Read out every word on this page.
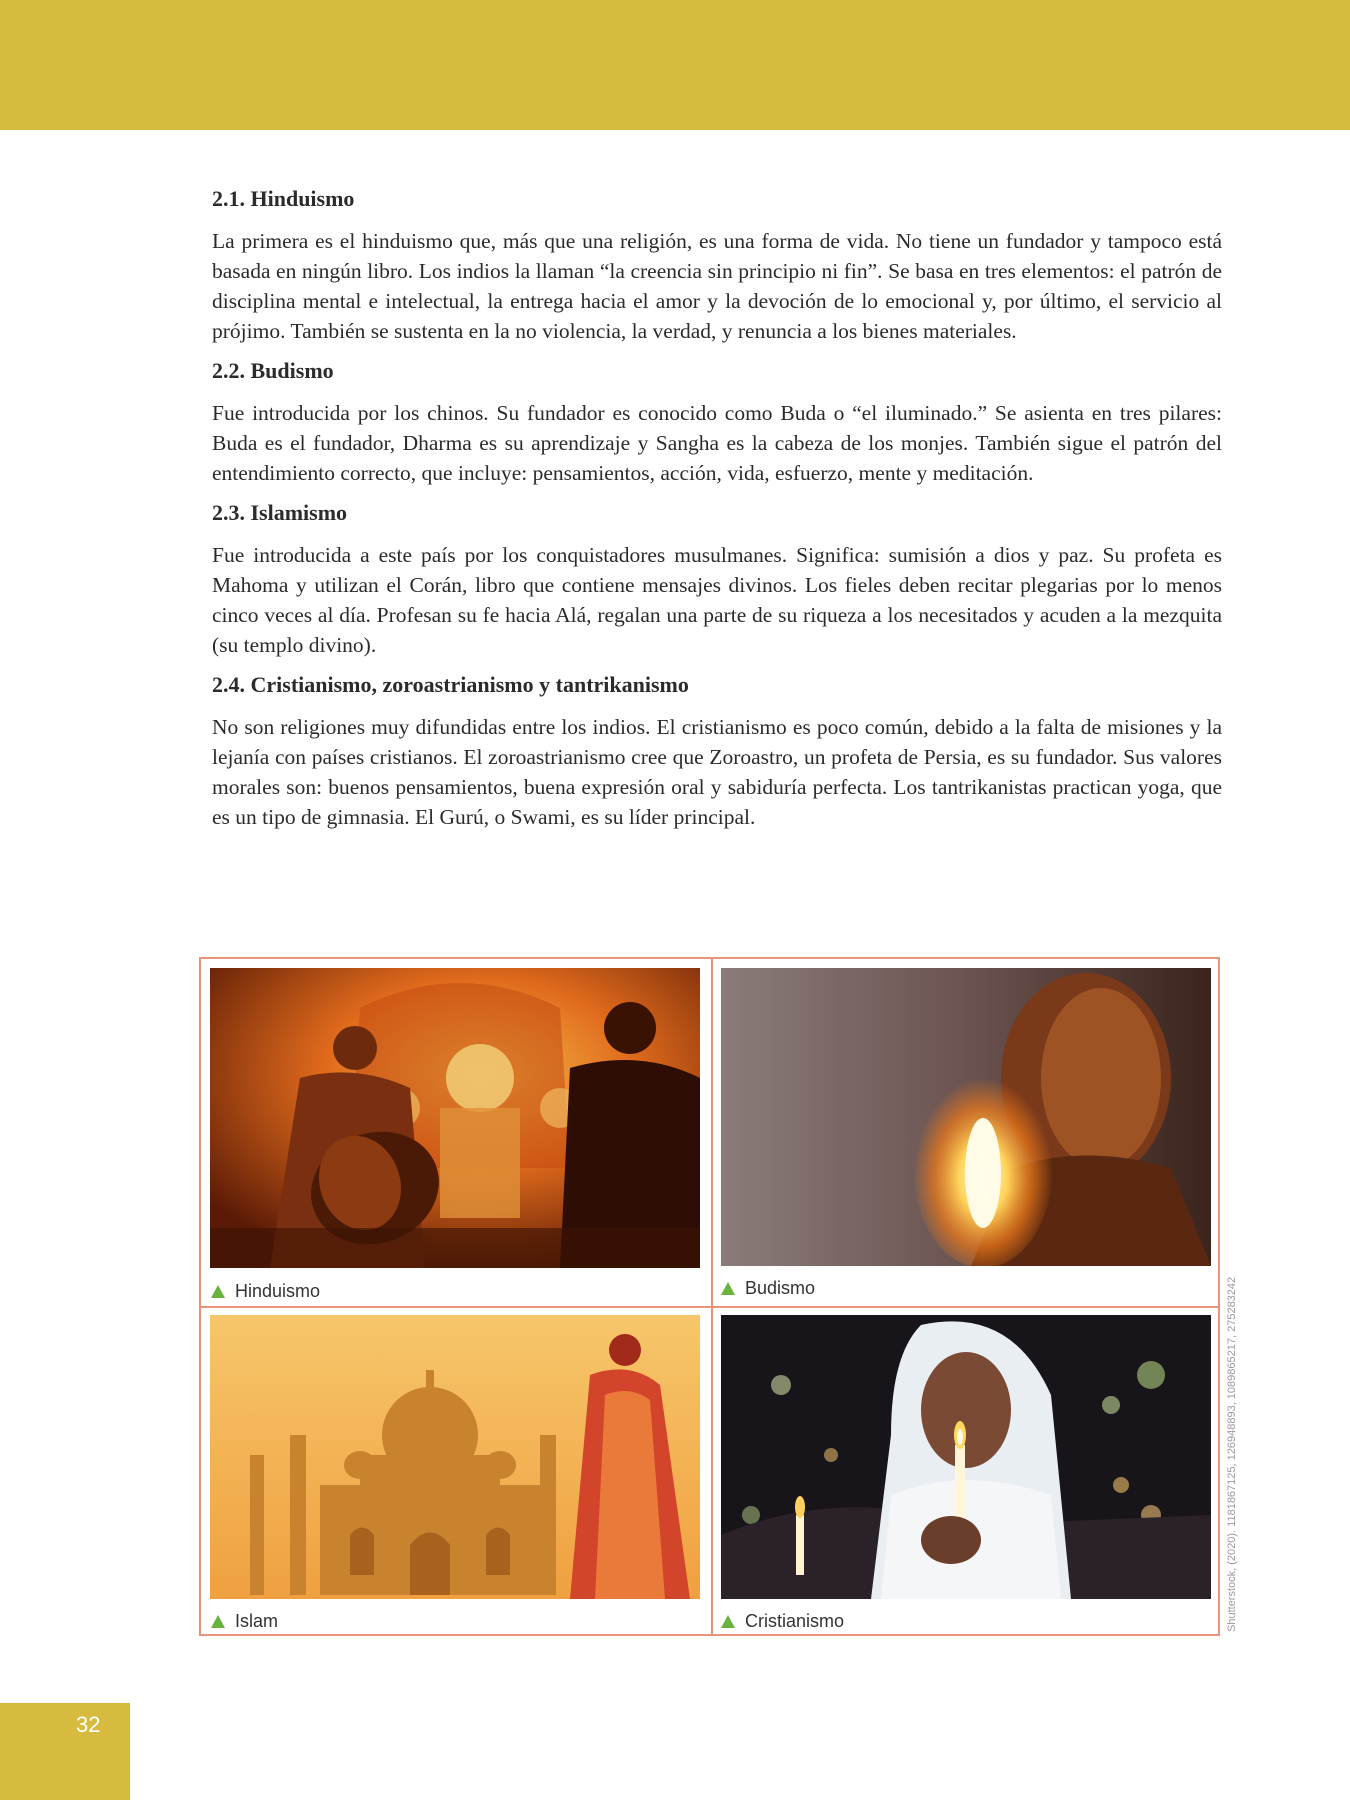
2.1. Hinduismo

La primera es el hinduismo que, más que una religión, es una forma de vida. No tiene un fundador y tampoco está basada en ningún libro. Los indios la llaman “la creencia sin principio ni fin”. Se basa en tres elementos: el patrón de disciplina mental e intelectual, la entrega hacia el amor y la devoción de lo emocional y, por último, el servicio al prójimo. También se sustenta en la no violencia, la verdad, y renuncia a los bienes materiales.

2.2. Budismo

Fue introducida por los chinos. Su fundador es conocido como Buda o “el iluminado.” Se asienta en tres pilares: Buda es el fundador, Dharma es su aprendizaje y Sangha es la cabeza de los monjes. También sigue el patrón del entendimiento correcto, que incluye: pensamientos, acción, vida, esfuerzo, mente y meditación.

2.3. Islamismo

Fue introducida a este país por los conquistadores musulmanes. Significa: sumisión a dios y paz. Su profeta es Mahoma y utilizan el Corán, libro que contiene mensajes divinos. Los fieles deben recitar plegarias por lo menos cinco veces al día. Profesan su fe hacia Alá, regalan una parte de su riqueza a los necesitados y acuden a la mezquita (su templo divino).

2.4. Cristianismo, zoroastrianismo y tantrikanismo

No son religiones muy difundidas entre los indios. El cristianismo es poco común, debido a la falta de misiones y la lejanía con países cristianos. El zoroastrianismo cree que Zoroastro, un profeta de Persia, es su fundador. Sus valores morales son: buenos pensamientos, buena expresión oral y sabiduría perfecta. Los tantrikanistas practican yoga, que es un tipo de gimnasia. El Gurú, o Swami, es su líder principal.

Hinduismo	Budismo
Islam	Cristianismo	Shutterstock, (2020). 1181867125, 126948893, 1089865217, 275283242
32
